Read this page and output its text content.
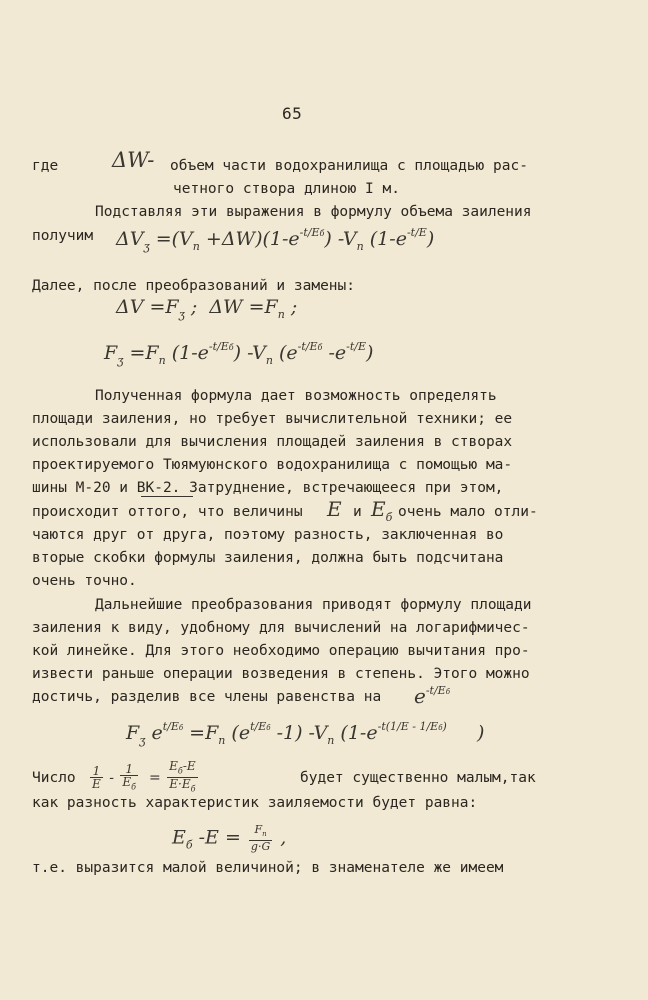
65
где	объем части водохранилища с площадью рас-
четного створа длиною I м.
Подставляя эти выражения в формулу объема заиления
получим
Далее, после преобразований и замены:
Полученная формула дает возможность определять
площади заиления, но требует вычислительной техники; ее
использовали для вычисления площадей заиления в створах
проектируемого Тюямуюнского водохранилища с помощью ма-
шины М-20 и ВК-2. Затруднение, встречающееся при этом,
происходит оттого, что величины	и	очень мало отли-
чаются друг от друга, поэтому разность, заключенная во
вторые скобки формулы заиления, должна быть подсчитана
очень точно.
Дальнейшие преобразования приводят формулу площади
заиления к виду, удобному для вычислений на логарифмичес-
кой линейке. Для этого необходимо операцию вычитания про-
извести раньше операции возведения в степень. Этого можно
достичь, разделив все члены равенства на
Число	будет существенно малым,так
как разность характеристик заиляемости будет равна:
т.е. выразится малой величиной; в знаменателе же имеем
ΔW-
$\Delta V_ʒ =(V_n +\Delta W)(1-e^{-t/Eб})$ $-V_n$ $(1-e^{-t/E})$
$\Delta V =F_ʒ$ ;  $\Delta W =F_n$ ;
$F_ʒ =F_n$ $(1-e^{-t/Eб})$ $-V_n$ ($e^{-t/Eб}$ $-e^{-t/E}$)
E $E_б$
$e^{-t/Eб}$
$F_ʒ$ $e^{t/Eб} =F_n$ ($e^{t/Eб}$ -1) $-V_n$ ($1-e^{-t(1/E - 1/Eб)}$     )
$\frac{1}{E} - \frac{1}{E_б} = \frac{E_б-E}{E\cdot E_б}$
$E_б$ $-E = \frac{F_n}{g\cdot G}$ ,
